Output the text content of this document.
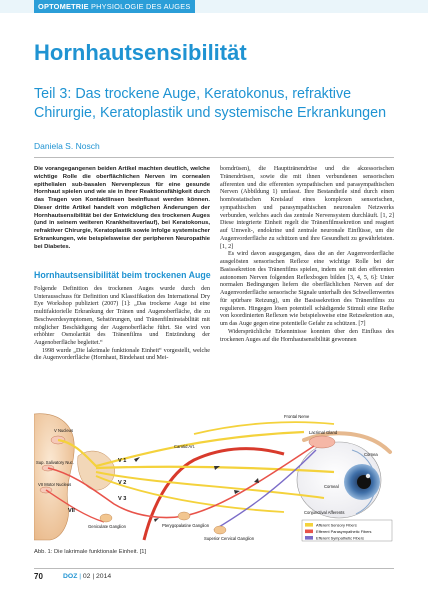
OPTOMETRIE PHYSIOLOGIE DES AUGES
Hornhautsensibilität
Teil 3: Das trockene Auge, Keratokonus, refraktive Chirurgie, Keratoplastik und systemische Erkrankungen
Daniela S. Nosch
Die vorangegangenen beiden Artikel machten deutlich, welche wichtige Rolle die oberflächlichen Nerven im cornealen epithelialen sub-basalen Nervenplexus für eine gesunde Hornhaut spielen und wie sie in ihrer Reaktionsfähigkeit durch das Tragen von Kontaktlinsen beeinflusst werden können. Dieser dritte Artikel handelt von möglichen Änderungen der Hornhautsensibilität bei der Entwicklung des trockenen Auges (und in seinem weiteren Krankheitsverlauf), bei Keratokonus, refraktiver Chirurgie, Keratoplastik sowie infolge systemischer Erkrankungen, wie beispielsweise der peripheren Neuropathie bei Diabetes.
Hornhautsensibilität beim trockenen Auge

Folgende Definition des trockenen Auges wurde durch den Unterausschuss für Definition und Klassifikation des International Dry Eye Workshop publiziert (2007) [1]: „Das trockene Auge ist eine multifaktorielle Erkrankung der Tränen und Augenoberfläche, die zu Beschwerdesymptomen, Sehstörungen, und Tränenfilminstabilität mit möglicher Beschädigung der Augenoberfläche führt. Sie wird von erhöhter Osmolarität des Tränenfilms und Entzündung der Augenoberfläche begleitet.“

1998 wurde „Die lakrimale funktionale Einheit“ vorgestellt, welche die Augenvorderfläche (Hornhaut, Bindehaut und Mei-

bomdrüsen), die Haupttränendrüse und die akzessorischen Tränendrüsen, sowie die mit ihnen verbundenen sensorischen afferenten und die efferenten sympathischen und parasympathischen Nerven (Abbildung 1) umfasst. Ihre Bestandteile sind durch einen homöostatischen Kreislauf eines komplexen sensorischen, sympathischen und parasympathischen neuronalen Netzwerks verbunden, welches auch das zentrale Nervensystem durchläuft. [1, 2] Diese integrierte Einheit regelt die Tränenfilmsekretion und reagiert auf Umwelt-, endokrine und zentrale neuronale Einflüsse, um die Augenvorderfläche zu schützen und ihre Gesundheit zu gewährleisten. [1, 2]

Es wird davon ausgegangen, dass die an der Augenvorderfläche ausgelösten sensorischen Reflexe eine wichtige Rolle bei der Basissekretion des Tränenfilms spielen, indem sie mit den efferenten autonomen Nerven folgenden Reflexbogen bilden [3, 4, 5, 6]: Unter normalen Bedingungen liefern die oberflächlichen Nerven auf der Augenvorderfläche sensorische Signale unterhalb des Schwellenwertes für spürbare Reizung), um die Basissekretion des Tränenfilms zu regulieren. Hingegen lösen potentiell schädigende Stimuli eine Reihe von koordinierten Reflexen wie beispielsweise eine Reizsekretion aus, um das Auge gegen eine potentielle Gefahr zu schützen. [7]

Widersprüchliche Erkenntnisse konnten über den Einfluss des trockenen Auges auf die Hornhautsensibilität gewonnen

Frontal Nerve
V Nucleus
Carotid Art.
Sup. Salivatory Nuc.
VII Motor Nucleus
Geniculate Ganglion	Pterygopalatine Ganglion
Superior Cervical Ganglion
Lacrimal Gland
Cornea
Conjunctival Afferents
Corneal
V 1
V 2
V 3
VII
Afferent Sensory Fibers
Efferent Parasympathetic Fibers
Efferent Sympathetic Fibers
Abb. 1: Die lakrimale funktionale Einheit. [1]
70	DOZ | 02 | 2014
